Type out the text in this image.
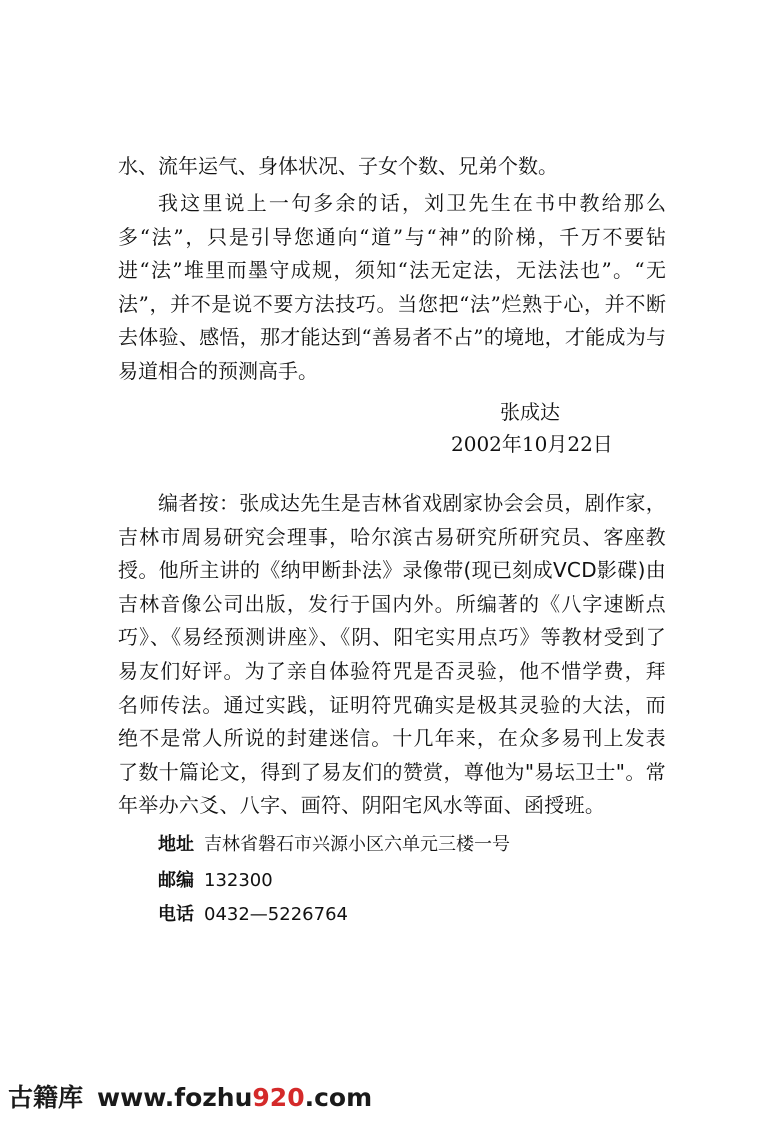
水、流年运气、身体状况、子女个数、兄弟个数。

我这里说上一句多余的话，刘卫先生在书中教给那么多“法”，只是引导您通向“道”与“神”的阶梯，千万不要钻进“法”堆里而墨守成规，须知“法无定法，无法法也”。“无法”，并不是说不要方法技巧。当您把“法”烂熟于心，并不断去体验、感悟，那才能达到“善易者不占”的境地，才能成为与易道相合的预测高手。

张成达
2002年10月22日

编者按：张成达先生是吉林省戏剧家协会会员，剧作家，吉林市周易研究会理事，哈尔滨古易研究所研究员、客座教授。他所主讲的《纳甲断卦法》录像带(现已刻成VCD影碟)由吉林音像公司出版，发行于国内外。所编著的《八字速断点巧》、《易经预测讲座》、《阴、阳宅实用点巧》等教材受到了易友们好评。为了亲自体验符咒是否灵验，他不惜学费，拜名师传法。通过实践，证明符咒确实是极其灵验的大法，而绝不是常人所说的封建迷信。十几年来，在众多易刊上发表了数十篇论文，得到了易友们的赞赏，尊他为"易坛卫士"。常年举办六爻、八字、画符、阴阳宅风水等面、函授班。

地址 吉林省磐石市兴源小区六单元三楼一号
邮编 132300
电话 0432—5226764
古籍库 www.fozhu920.com
